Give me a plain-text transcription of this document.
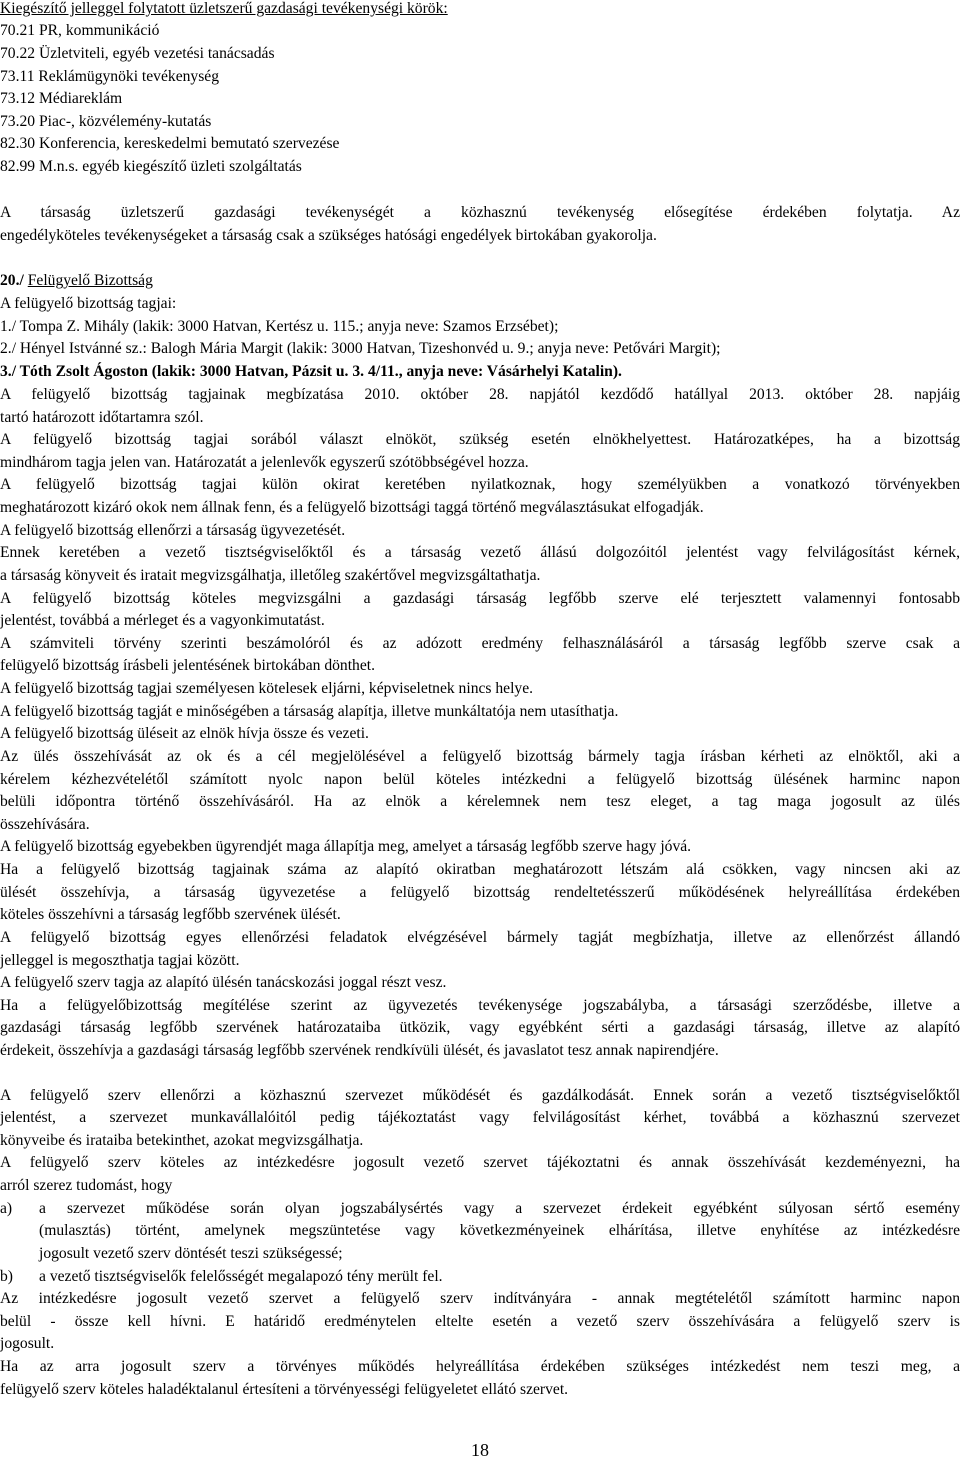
Kiegészítő jelleggel folytatott üzletszerű gazdasági tevékenységi körök:
70.21 PR, kommunikáció
70.22 Üzletviteli, egyéb vezetési tanácsadás
73.11 Reklámügynöki tevékenység
73.12 Médiareklám
73.20 Piac-, közvélemény-kutatás
82.30 Konferencia, kereskedelmi bemutató szervezése
82.99 M.n.s. egyéb kiegészítő üzleti szolgáltatás
A társaság üzletszerű gazdasági tevékenységét a közhasznú tevékenység elősegítése érdekében folytatja. Az
engedélyköteles tevékenységeket a társaság csak a szükséges hatósági engedélyek birtokában gyakorolja.
20./ Felügyelő Bizottság
A felügyelő bizottság tagjai:
1./ Tompa Z. Mihály (lakik: 3000 Hatvan, Kertész u. 115.; anyja neve: Szamos Erzsébet);
2./ Hényel Istvánné sz.: Balogh Mária Margit (lakik: 3000 Hatvan, Tizeshonvéd u. 9.; anyja neve: Petővári Margit);
3./ Tóth Zsolt Ágoston (lakik: 3000 Hatvan, Pázsit u. 3. 4/11., anyja neve: Vásárhelyi Katalin).
A felügyelő bizottság tagjainak megbízatása 2010. október 28. napjától kezdődő hatállyal 2013. október 28. napjáig
tartó határozott időtartamra szól.
A felügyelő bizottság tagjai sorából választ elnököt, szükség esetén elnökhelyettest. Határozatképes, ha a bizottság
mindhárom tagja jelen van. Határozatát a jelenlevők egyszerű szótöbbségével hozza.
A felügyelő bizottság tagjai külön okirat keretében nyilatkoznak, hogy személyükben a vonatkozó törvényekben
meghatározott kizáró okok nem állnak fenn, és a felügyelő bizottsági taggá történő megválasztásukat elfogadják.
A felügyelő bizottság ellenőrzi a társaság ügyvezetését.
Ennek keretében a vezető tisztségviselőktől és a társaság vezető állású dolgozóitól jelentést vagy felvilágosítást kérnek,
a társaság könyveit és iratait megvizsgálhatja, illetőleg szakértővel megvizsgáltathatja.
A felügyelő bizottság köteles megvizsgálni a gazdasági társaság legfőbb szerve elé terjesztett valamennyi fontosabb
jelentést, továbbá a mérleget és a vagyonkimutatást.
A számviteli törvény szerinti beszámolóról és az adózott eredmény felhasználásáról a társaság legfőbb szerve csak a
felügyelő bizottság írásbeli jelentésének birtokában dönthet.
A felügyelő bizottság tagjai személyesen kötelesek eljárni, képviseletnek nincs helye.
A felügyelő bizottság tagját e minőségében a társaság alapítja, illetve munkáltatója nem utasíthatja.
A felügyelő bizottság üléseit az elnök hívja össze és vezeti.
Az ülés összehívását az ok és a cél megjelölésével a felügyelő bizottság bármely tagja írásban kérheti az elnöktől, aki a
kérelem kézhezvételétől számított nyolc napon belül köteles intézkedni a felügyelő bizottság ülésének harminc napon
belüli időpontra történő összehívásáról. Ha az elnök a kérelemnek nem tesz eleget, a tag maga jogosult az ülés
összehívására.
A felügyelő bizottság egyebekben ügyrendjét maga állapítja meg, amelyet a társaság legfőbb szerve hagy jóvá.
Ha a felügyelő bizottság tagjainak száma az alapító okiratban meghatározott létszám alá csökken, vagy nincsen aki az
ülését összehívja, a társaság ügyvezetése a felügyelő bizottság rendeltetésszerű működésének helyreállítása érdekében
köteles összehívni a társaság legfőbb szervének ülését.
A felügyelő bizottság egyes ellenőrzési feladatok elvégzésével bármely tagját megbízhatja, illetve az ellenőrzést állandó
jelleggel is megoszthatja tagjai között.
A felügyelő szerv tagja az alapító ülésén tanácskozási joggal részt vesz.
Ha a felügyelőbizottság megítélése szerint az ügyvezetés tevékenysége jogszabályba, a társasági szerződésbe, illetve a
gazdasági társaság legfőbb szervének határozataiba ütközik, vagy egyébként sérti a gazdasági társaság, illetve az alapító
érdekeit, összehívja a gazdasági társaság legfőbb szervének rendkívüli ülését, és javaslatot tesz annak napirendjére.
A felügyelő szerv ellenőrzi a közhasznú szervezet működését és gazdálkodását. Ennek során a vezető tisztségviselőktől
jelentést, a szervezet munkavállalóitól pedig tájékoztatást vagy felvilágosítást kérhet, továbbá a közhasznú szervezet
könyveibe és irataiba betekinthet, azokat megvizsgálhatja.
A felügyelő szerv köteles az intézkedésre jogosult vezető szervet tájékoztatni és annak összehívását kezdeményezni, ha
arról szerez tudomást, hogy
a)	a szervezet működése során olyan jogszabálysértés vagy a szervezet érdekeit egyébként súlyosan sértő esemény
(mulasztás) történt, amelynek megszüntetése vagy következményeinek elhárítása, illetve enyhítése az intézkedésre
jogosult vezető szerv döntését teszi szükségessé;
b)	a vezető tisztségviselők felelősségét megalapozó tény merült fel.
Az intézkedésre jogosult vezető szervet a felügyelő szerv indítványára - annak megtételétől számított harminc napon
belül - össze kell hívni. E határidő eredménytelen eltelte esetén a vezető szerv összehívására a felügyelő szerv is
jogosult.
Ha az arra jogosult szerv a törvényes működés helyreállítása érdekében szükséges intézkedést nem teszi meg, a
felügyelő szerv köteles haladéktalanul értesíteni a törvényességi felügyeletet ellátó szervet.
18
